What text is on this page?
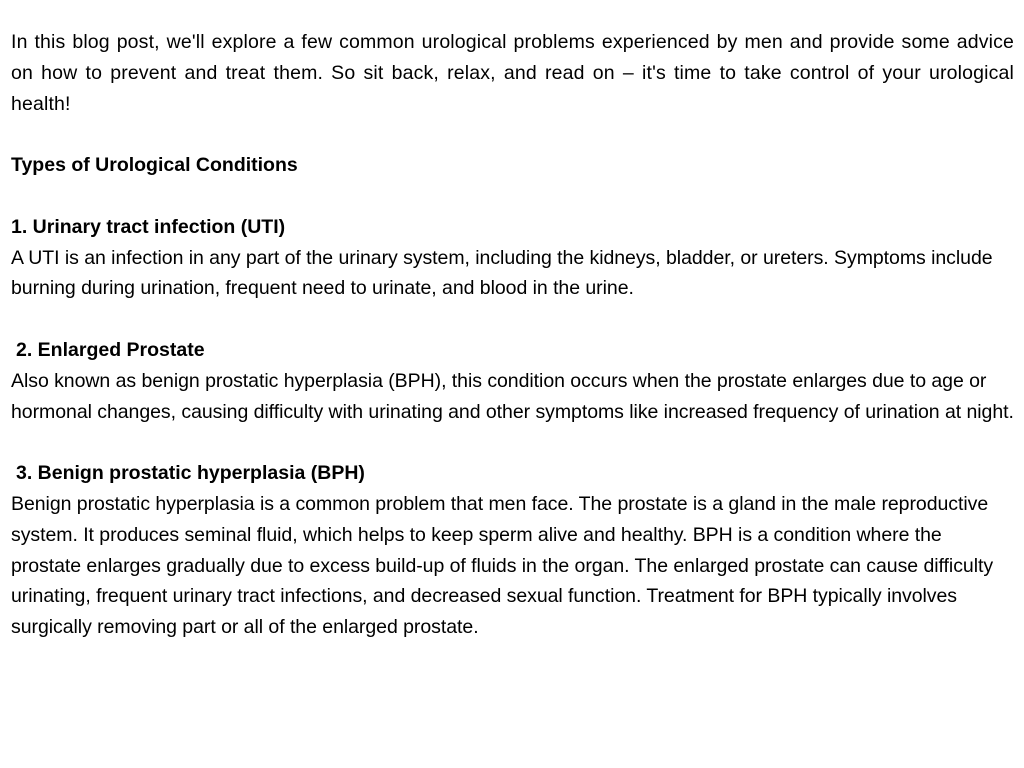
In this blog post, we'll explore a few common urological problems experienced by men and provide some advice on how to prevent and treat them. So sit back, relax, and read on – it's time to take control of your urological health!

Types of Urological Conditions
1. Urinary tract infection (UTI)

A UTI is an infection in any part of the urinary system, including the kidneys, bladder, or ureters. Symptoms include burning during urination, frequent need to urinate, and blood in the urine.

2. Enlarged Prostate

Also known as benign prostatic hyperplasia (BPH), this condition occurs when the prostate enlarges due to age or hormonal changes, causing difficulty with urinating and other symptoms like increased frequency of urination at night.

3. Benign prostatic hyperplasia (BPH)

Benign prostatic hyperplasia is a common problem that men face. The prostate is a gland in the male reproductive system. It produces seminal fluid, which helps to keep sperm alive and healthy. BPH is a condition where the prostate enlarges gradually due to excess build-up of fluids in the organ. The enlarged prostate can cause difficulty urinating, frequent urinary tract infections, and decreased sexual function. Treatment for BPH typically involves surgically removing part or all of the enlarged prostate.
